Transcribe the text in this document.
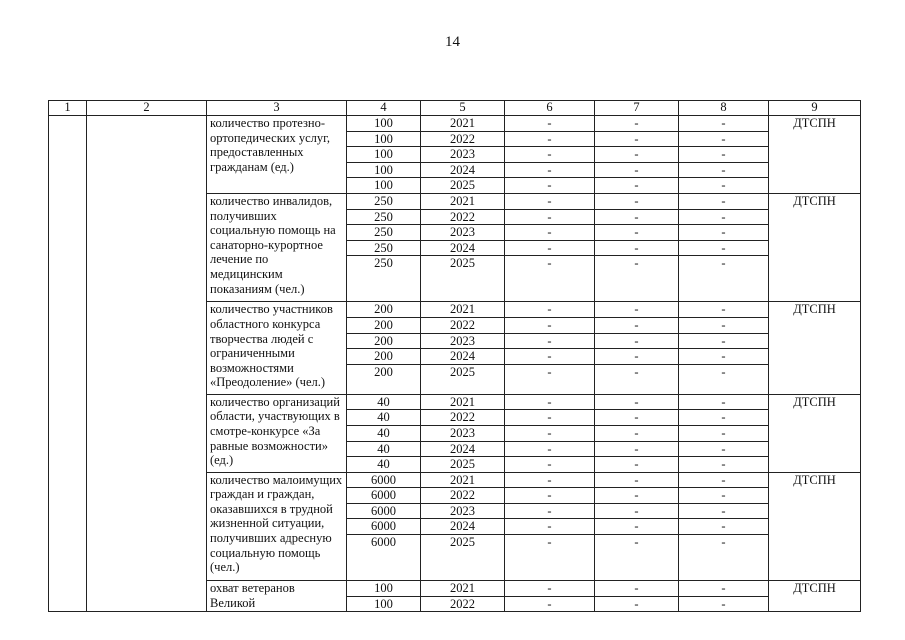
14
1	2	3	4	5	6	7	8	9
		количество протезно-ортопедических услуг, предоставленных гражданам (ед.)	100	2021	-	-	-	ДТСПН
			100	2022	-	-	-	
			100	2023	-	-	-	
			100	2024	-	-	-	
			100	2025	-	-	-	
		количество инвалидов, получивших социальную помощь на санаторно-курортное лечение по медицинским показаниям (чел.)	250	2021	-	-	-	ДТСПН
			250	2022	-	-	-	
			250	2023	-	-	-	
			250	2024	-	-	-	
			250	2025	-	-	-	
		количество участников областного конкурса творчества людей с ограниченными возможностями «Преодоление» (чел.)	200	2021	-	-	-	ДТСПН
			200	2022	-	-	-	
			200	2023	-	-	-	
			200	2024	-	-	-	
			200	2025	-	-	-	
		количество организаций области, участвующих в смотре-конкурсе «За равные возможности» (ед.)	40	2021	-	-	-	ДТСПН
			40	2022	-	-	-	
			40	2023	-	-	-	
			40	2024	-	-	-	
			40	2025	-	-	-	
		количество малоимущих граждан и граждан, оказавшихся в трудной жизненной ситуации, получивших адресную социальную помощь (чел.)	6000	2021	-	-	-	ДТСПН
			6000	2022	-	-	-	
			6000	2023	-	-	-	
			6000	2024	-	-	-	
			6000	2025	-	-	-	
		охват ветеранов Великой	100	2021	-	-	-	ДТСПН
			100	2022	-	-	-	
